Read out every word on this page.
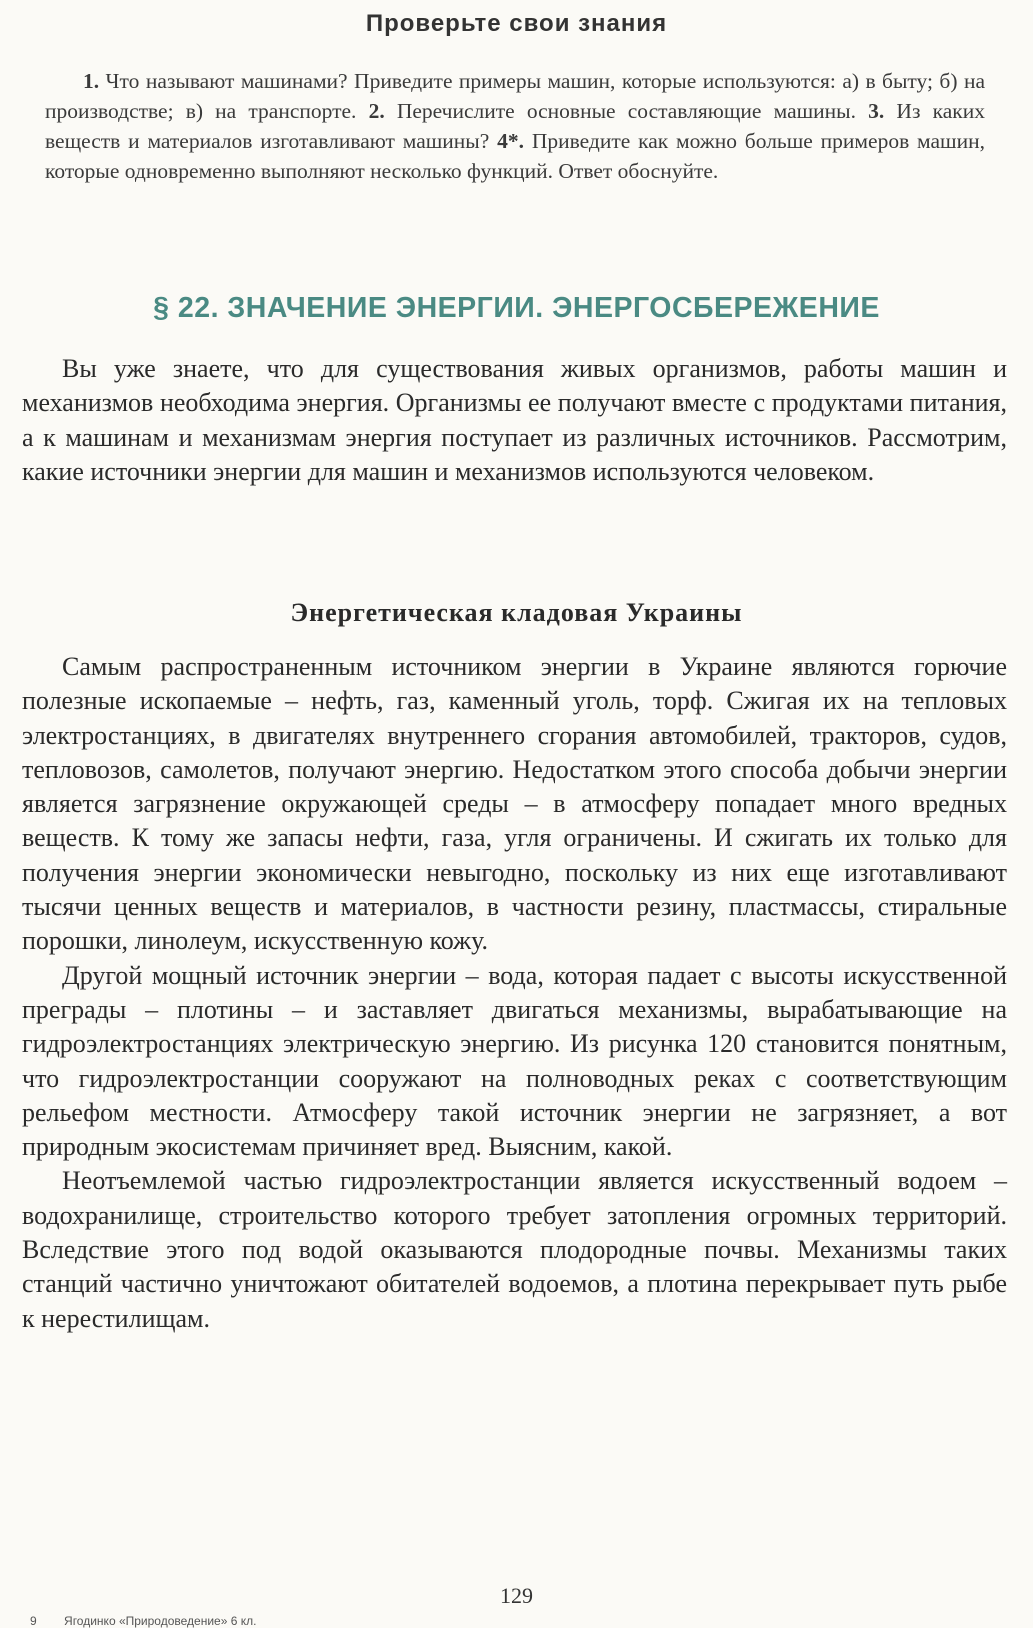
Проверьте свои знания

1. Что называют машинами? Приведите примеры машин, которые используются: а) в быту; б) на производстве; в) на транспорте. 2. Перечислите основные составляющие машины. 3. Из каких веществ и материалов изготавливают машины? 4*. Приведите как можно больше примеров машин, которые одновременно выполняют несколько функций. Ответ обоснуйте.

§ 22. ЗНАЧЕНИЕ ЭНЕРГИИ. ЭНЕРГОСБЕРЕЖЕНИЕ

Вы уже знаете, что для существования живых организмов, работы машин и механизмов необходима энергия. Организмы ее получают вместе с продуктами питания, а к машинам и механизмам энергия поступает из различных источников. Рассмотрим, какие источники энергии для машин и механизмов используются человеком.

Энергетическая кладовая Украины

Самым распространенным источником энергии в Украине являются горючие полезные ископаемые – нефть, газ, каменный уголь, торф. Сжигая их на тепловых электростанциях, в двигателях внутреннего сгорания автомобилей, тракторов, судов, тепловозов, самолетов, получают энергию. Недостатком этого способа добычи энергии является загрязнение окружающей среды – в атмосферу попадает много вредных веществ. К тому же запасы нефти, газа, угля ограничены. И сжигать их только для получения энергии экономически невыгодно, поскольку из них еще изготавливают тысячи ценных веществ и материалов, в частности резину, пластмассы, стиральные порошки, линолеум, искусственную кожу.

Другой мощный источник энергии – вода, которая падает с высоты искусственной преграды – плотины – и заставляет двигаться механизмы, вырабатывающие на гидроэлектростанциях электрическую энергию. Из рисунка 120 становится понятным, что гидроэлектростанции сооружают на полноводных реках с соответствующим рельефом местности. Атмосферу такой источник энергии не загрязняет, а вот природным экосистемам причиняет вред. Выясним, какой.

Неотъемлемой частью гидроэлектростанции является искусственный водоем – водохранилище, строительство которого требует затопления огромных территорий. Вследствие этого под водой оказываются плодородные почвы. Механизмы таких станций частично уничтожают обитателей водоемов, а плотина перекрывает путь рыбе к нерестилищам.

129
9 Ягодинко «Природоведение» 6 кл.
